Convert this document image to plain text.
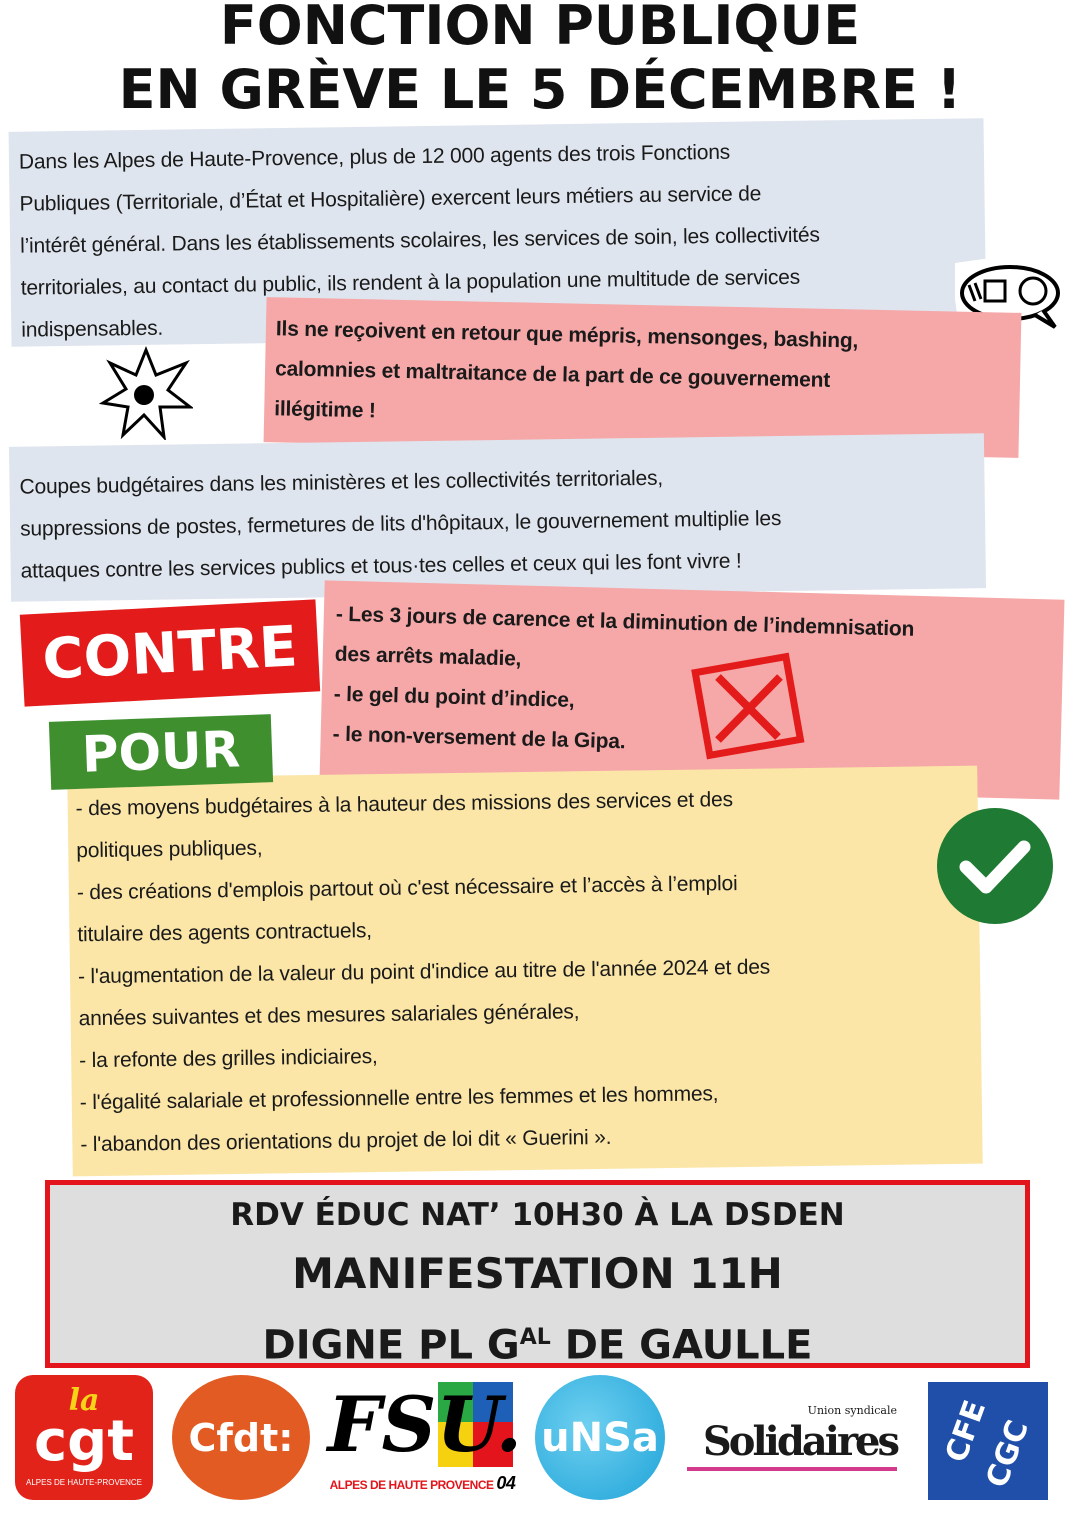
FONCTION PUBLIQUE
EN GRÈVE LE 5 DÉCEMBRE !
Dans les Alpes de Haute-Provence, plus de 12 000 agents des trois Fonctions
Publiques (Territoriale, d’État et Hospitalière) exercent leurs métiers au service de
l’intérêt général. Dans les établissements scolaires, les services de soin, les collectivités
territoriales, au contact du public, ils rendent à la population une multitude de services
indispensables.	Ils ne reçoivent en retour que mépris, mensonges, bashing,
calomnies et maltraitance de la part de ce gouvernement
illégitime !
Coupes budgétaires dans les ministères et les collectivités territoriales,
suppressions de postes, fermetures de lits d'hôpitaux, le gouvernement multiplie les
attaques contre les services publics et tous·tes celles et ceux qui les font vivre !
- Les 3 jours de carence et la diminution de l’indemnisation
des arrêts maladie,
- le gel du point d’indice,
- le non-versement de la Gipa.
CONTRE
- des moyens budgétaires à la hauteur des missions des services et des
politiques publiques,
- des créations d'emplois partout où c'est nécessaire et l’accès à l’emploi
titulaire des agents contractuels,
- l'augmentation de la valeur du point d'indice au titre de l'année 2024 et des
années suivantes et des mesures salariales générales,
- la refonte des grilles indiciaires,
- l'égalité salariale et professionnelle entre les femmes et les hommes,
- l'abandon des orientations du projet de loi dit « Guerini ».
POUR
RDV ÉDUC NAT’ 10H30 À LA DSDEN
MANIFESTATION 11H
DIGNE PL $G^{AL}$ DE GAULLE
la
cgt
ALPES DE HAUTE-PROVENCE
Cfdt: FSU.
ALPES DE HAUTE PROVENCE 04
uNSa
Union syndicale
Solidaires CFE
CGC
